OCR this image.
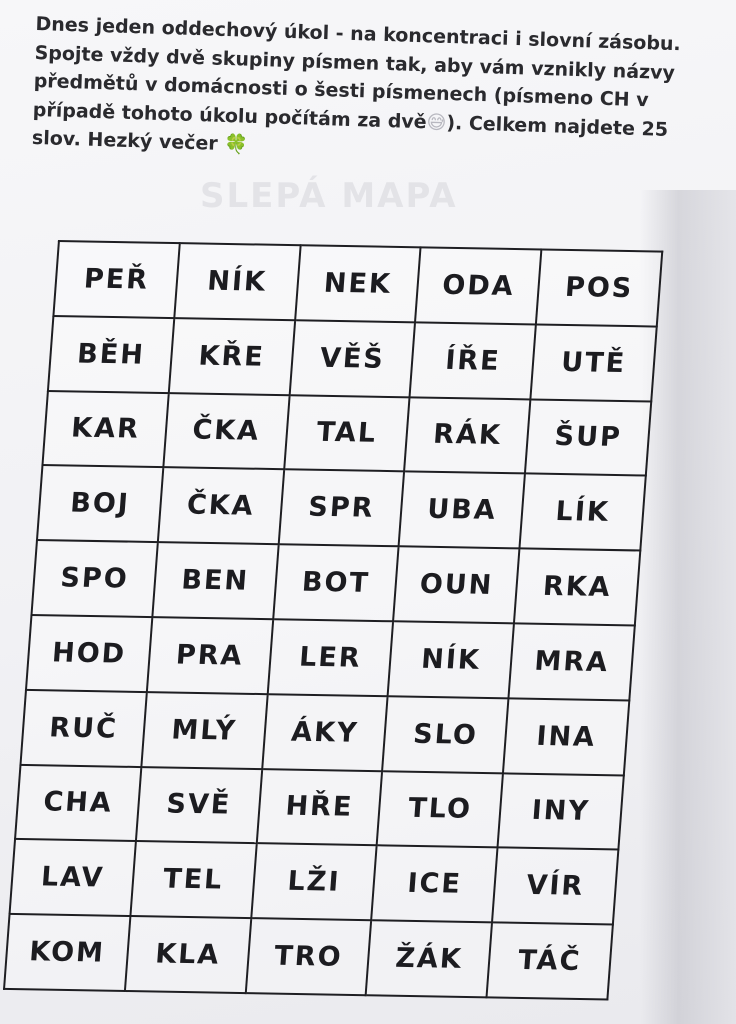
SLEPÁ MAPA

Dnes jeden oddechový úkol - na koncentraci i slovní zásobu. Spojte vždy dvě skupiny písmen tak, aby vám vznikly názvy předmětů v domácnosti o šesti písmenech (písmeno CH v případě tohoto úkolu počítám za dvě😅). Celkem najdete 25 slov. Hezký večer 🍀

PEŘ	NÍK	NEK	ODA	POS
BĚH	KŘE	VĚŠ	ÍŘE	UTĚ
KAR	ČKA	TAL	RÁK	ŠUP
BOJ	ČKA	SPR	UBA	LÍK
SPO	BEN	BOT	OUN	RKA
HOD	PRA	LER	NÍK	MRA
RUČ	MLÝ	ÁKY	SLO	INA
CHA	SVĚ	HŘE	TLO	INY
LAV	TEL	LŽI	ICE	VÍR
KOM	KLA	TRO	ŽÁK	TÁČ
